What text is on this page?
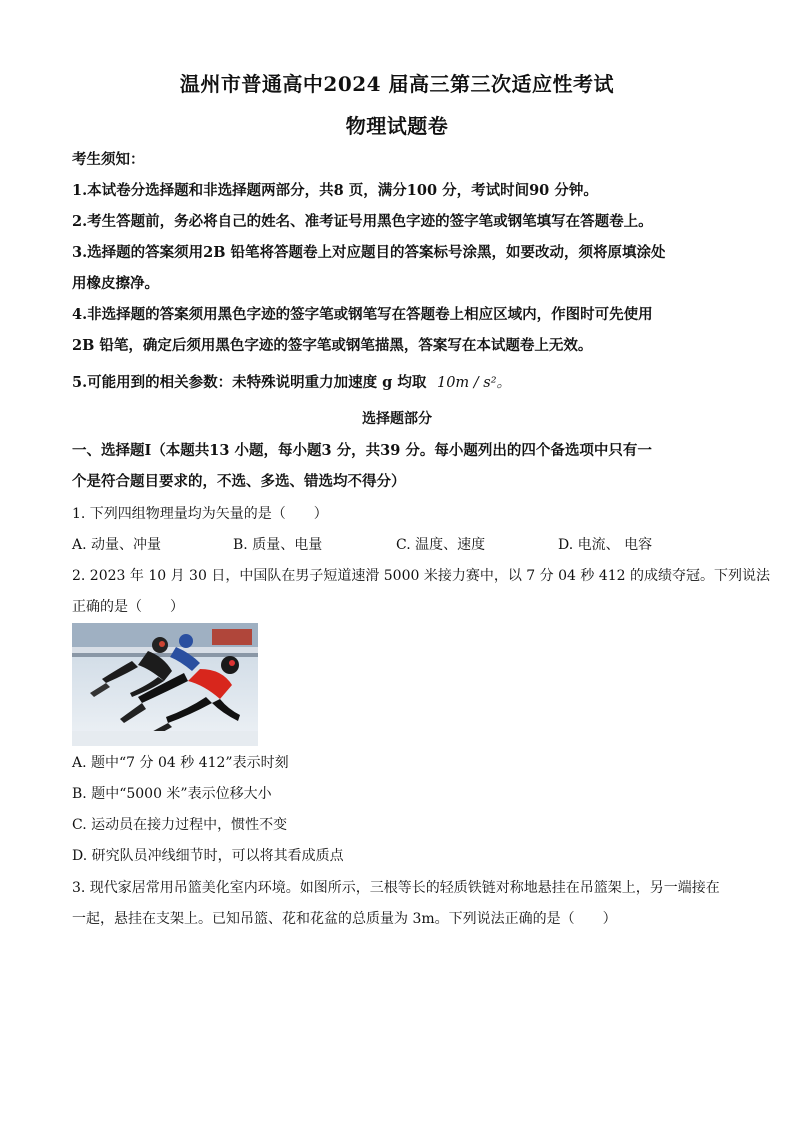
温州市普通高中2024 届高三第三次适应性考试
物理试题卷
考生须知：
1.本试卷分选择题和非选择题两部分，共8 页，满分100 分，考试时间90 分钟。
2.考生答题前，务必将自己的姓名、准考证号用黑色字迹的签字笔或钢笔填写在答题卷上。
3.选择题的答案须用2B 铅笔将答题卷上对应题目的答案标号涂黑，如要改动，须将原填涂处
用橡皮擦净。
4.非选择题的答案须用黑色字迹的签字笔或钢笔写在答题卷上相应区域内，作图时可先使用
2B 铅笔，确定后须用黑色字迹的签字笔或钢笔描黑，答案写在本试题卷上无效。
5.可能用到的相关参数：未特殊说明重力加速度 g 均取 10m / s²。
选择题部分
一、选择题Ⅰ（本题共13 小题，每小题3 分，共39 分。每小题列出的四个备选项中只有一
个是符合题目要求的，不选、多选、错选均不得分）
1. 下列四组物理量均为矢量的是（　　）
A. 动量、冲量	B. 质量、电量	C. 温度、速度	D. 电流、 电容
2. 2023 年 10 月 30 日，中国队在男子短道速滑 5000 米接力赛中，以 7 分 04 秒 412 的成绩夺冠。下列说法
正确的是（　　）
A. 题中“7 分 04 秒 412”表示时刻
B. 题中“5000 米”表示位移大小
C. 运动员在接力过程中，惯性不变
D. 研究队员冲线细节时，可以将其看成质点
3. 现代家居常用吊篮美化室内环境。如图所示，三根等长的轻质铁链对称地悬挂在吊篮架上，另一端接在
一起，悬挂在支架上。已知吊篮、花和花盆的总质量为 3m。下列说法正确的是（　　）
